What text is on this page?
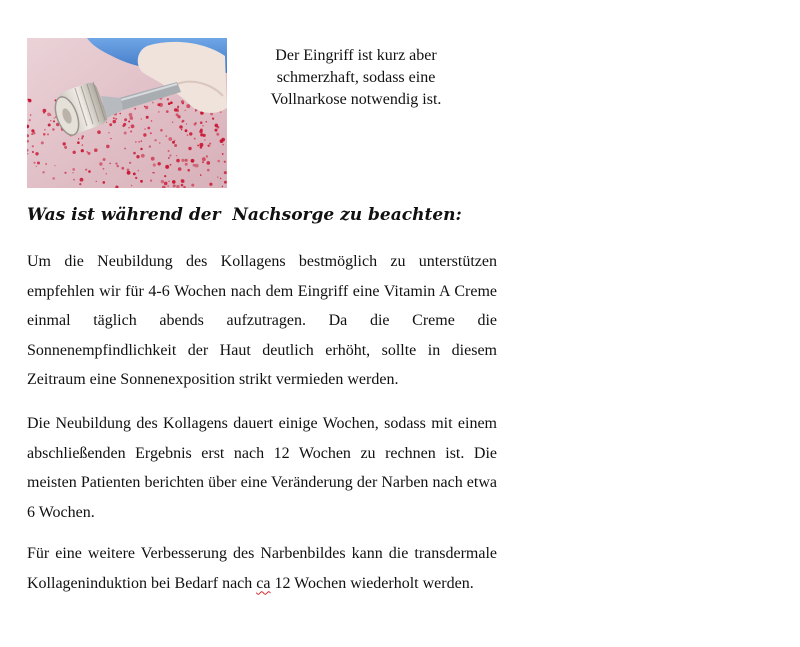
Der Eingriff ist kurz aber
schmerzhaft, sodass eine
Vollnarkose notwendig ist.
Was ist während der  Nachsorge zu beachten:

Um die Neubildung des Kollagens bestmöglich zu unterstützen empfehlen wir für 4-6 Wochen nach dem Eingriff eine Vitamin A Creme einmal täglich abends aufzutragen. Da die Creme die Sonnenempfindlichkeit der Haut deutlich erhöht, sollte in diesem Zeitraum eine Sonnenexposition strikt vermieden werden.

Die Neubildung des Kollagens dauert einige Wochen, sodass mit einem abschließenden Ergebnis erst nach 12 Wochen zu rechnen ist. Die meisten Patienten berichten über eine Veränderung der Narben nach etwa 6 Wochen.

Für eine weitere Verbesserung des Narbenbildes kann die transdermale Kollageninduktion bei Bedarf nach ca 12 Wochen wiederholt werden.
